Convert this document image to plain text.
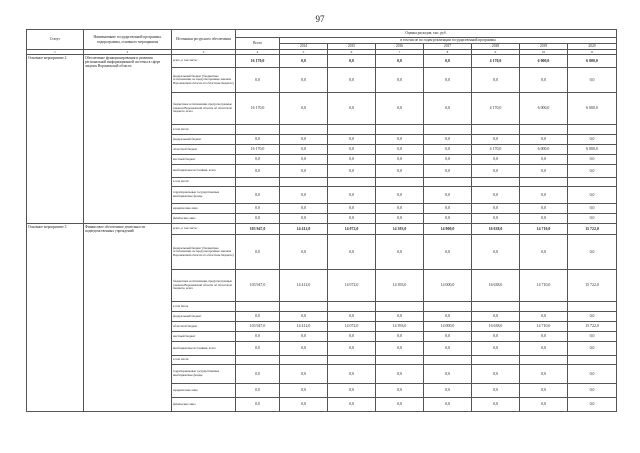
97
Статус	Наименование государственной программы, подпрограммы, основного мероприятия	Источники ресурсного обеспечения	Оценка расходов, тыс. руб.							
			Всего	в том числе по годам реализации государственной программы						
				2014	2015	2016	2017	2018	2019	2020
1	2	3	4	5	6	7	8	9	10	11
Основное мероприятие 2	Обеспечение функционирования и развития региональной информационной системы в сфере закупок Воронежской области	всего, в том числе:	16 170,0	0,0	0,0	0,0	0,0	4 170,0	6 000,0	6 000,0
		федеральный бюджет (бюджетные ассигнования, не предусмотренные законом Воронежской области об областном бюджете)	0,0	0,0	0,0	0,0	0,0	0,0	0,0	0,0
		бюджетные ассигнования, предусмотренные законом Воронежской области об областном бюджете, всего	16 170,0	0,0	0,0	0,0	0,0	4 170,0	6 000,0	6 000,0
		в том числе:								
		федеральный бюджет	0,0	0,0	0,0	0,0	0,0	0,0	0,0	0,0
		областной бюджет	16 170,0	0,0	0,0	0,0	0,0	4 170,0	6 000,0	6 000,0
		местный бюджет	0,0	0,0	0,0	0,0	0,0	0,0	0,0	0,0
		внебюджетные источники, всего	0,0	0,0	0,0	0,0	0,0	0,0	0,0	0,0
		в том числе:								
		территориальные государственные внебюджетные фонды	0,0	0,0	0,0	0,0	0,0	0,0	0,0	0,0
		юридические лица	0,0	0,0	0,0	0,0	0,0	0,0	0,0	0,0
		физические лица	0,0	0,0	0,0	0,0	0,0	0,0	0,0	0,0
Основное мероприятие 3	Финансовое обеспечение деятельности подведомственных учреждений	всего, в том числе:	103 947,0	14 412,0	14 072,0	14 393,0	14 000,0	16 638,0	14 710,0	15 722,0
		федеральный бюджет (бюджетные ассигнования, не предусмотренные законом Воронежской области об областном бюджете)	0,0	0,0	0,0	0,0	0,0	0,0	0,0	0,0
		бюджетные ассигнования, предусмотренные законом Воронежской области об областном бюджете, всего	103 947,0	14 412,0	14 072,0	14 393,0	14 000,0	16 638,0	14 710,0	15 722,0
		в том числе								
		федеральный бюджет	0,0	0,0	0,0	0,0	0,0	0,0	0,0	0,0
		областной бюджет	103 947,0	14 412,0	14 072,0	14 393,0	14 000,0	16 638,0	14 710,0	15 722,0
		местный бюджет	0,0	0,0	0,0	0,0	0,0	0,0	0,0	0,0
		внебюджетные источники, всего	0,0	0,0	0,0	0,0	0,0	0,0	0,0	0,0
		в том числе:								
		территориальные государственные внебюджетные фонды	0,0	0,0	0,0	0,0	0,0	0,0	0,0	0,0
		юридические лица	0,0	0,0	0,0	0,0	0,0	0,0	0,0	0,0
		физические лица	0,0	0,0	0,0	0,0	0,0	0,0	0,0	0,0
